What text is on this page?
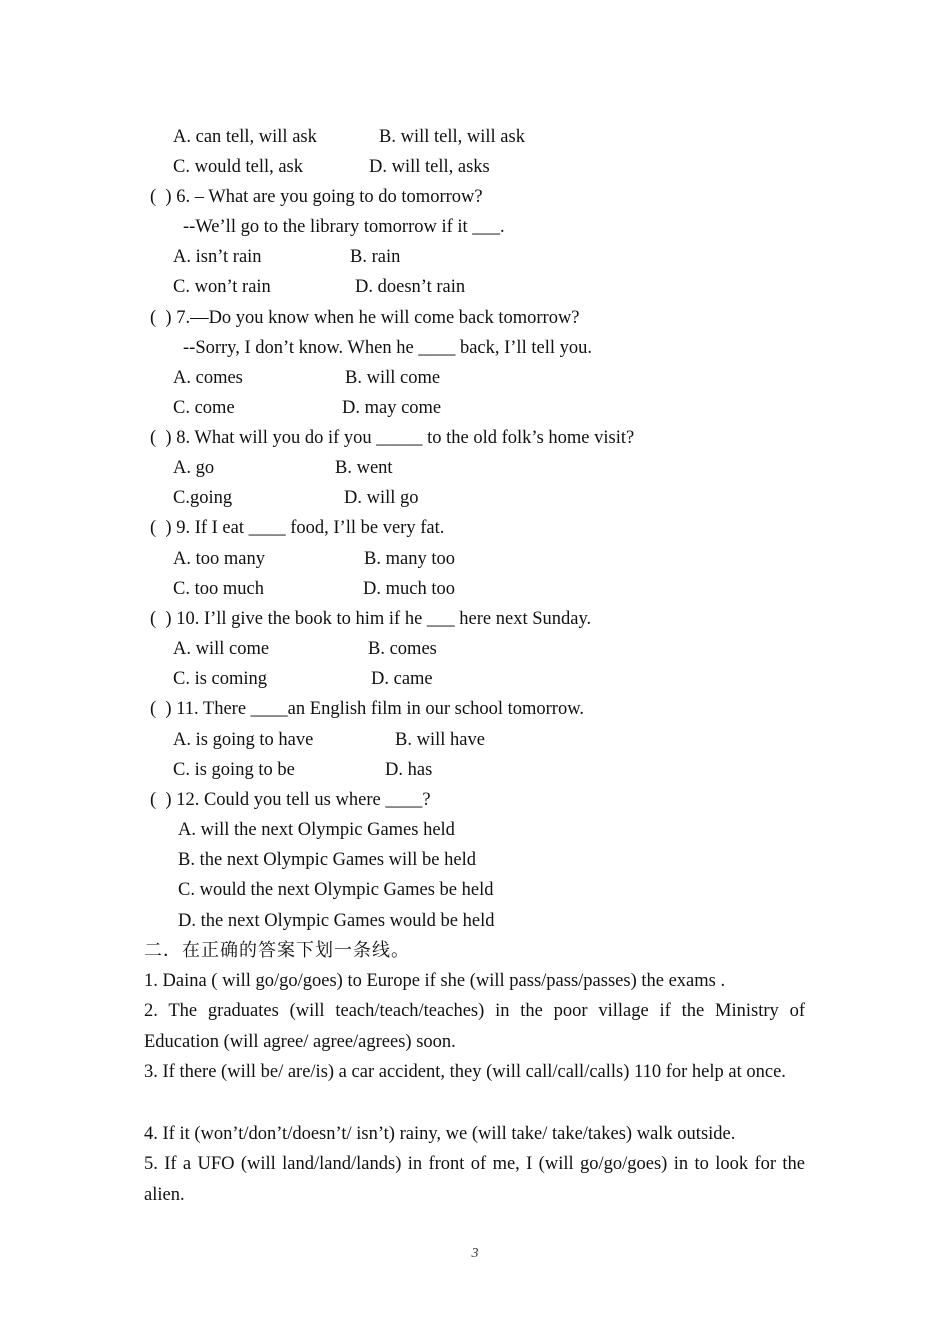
A. can tell, will ask	B. will tell, will ask
C. would tell, ask	D. will tell, asks
(  ) 6. – What are you going to do tomorrow?
--We’ll go to the library tomorrow if it ___.
A. isn’t rain	B. rain
C. won’t rain	D. doesn’t rain
(  ) 7.—Do you know when he will come back tomorrow?
--Sorry, I don’t know. When he ____ back, I’ll tell you.
A. comes	B. will come
C. come	D. may come
(  ) 8. What will you do if you _____ to the old folk’s home visit?
A. go	B. went
C.going	D. will go
(  ) 9. If I eat ____ food, I’ll be very fat.
A. too many	B. many too
C. too much	D. much too
(  ) 10. I’ll give the book to him if he ___ here next Sunday.
A. will come	B. comes
C. is coming	D. came
(  ) 11. There ____an English film in our school tomorrow.
A. is going to have	B. will have
C. is going to be	D. has
(  ) 12. Could you tell us where ____?
A. will the next Olympic Games held
B. the next Olympic Games will be held
C. would the next Olympic Games be held
D. the next Olympic Games would be held
二．在正确的答案下划一条线。
1. Daina ( will go/go/goes) to Europe if she (will pass/pass/passes) the exams .
2. The graduates (will teach/teach/teaches) in the poor village if the Ministry of Education (will agree/ agree/agrees) soon.
3. If there (will be/ are/is) a car accident, they (will call/call/calls) 110 for help at once.
4. If it (won’t/don’t/doesn’t/ isn’t) rainy, we (will take/ take/takes) walk outside.
5. If a UFO (will land/land/lands) in front of me, I (will go/go/goes) in to look for the alien.
3
